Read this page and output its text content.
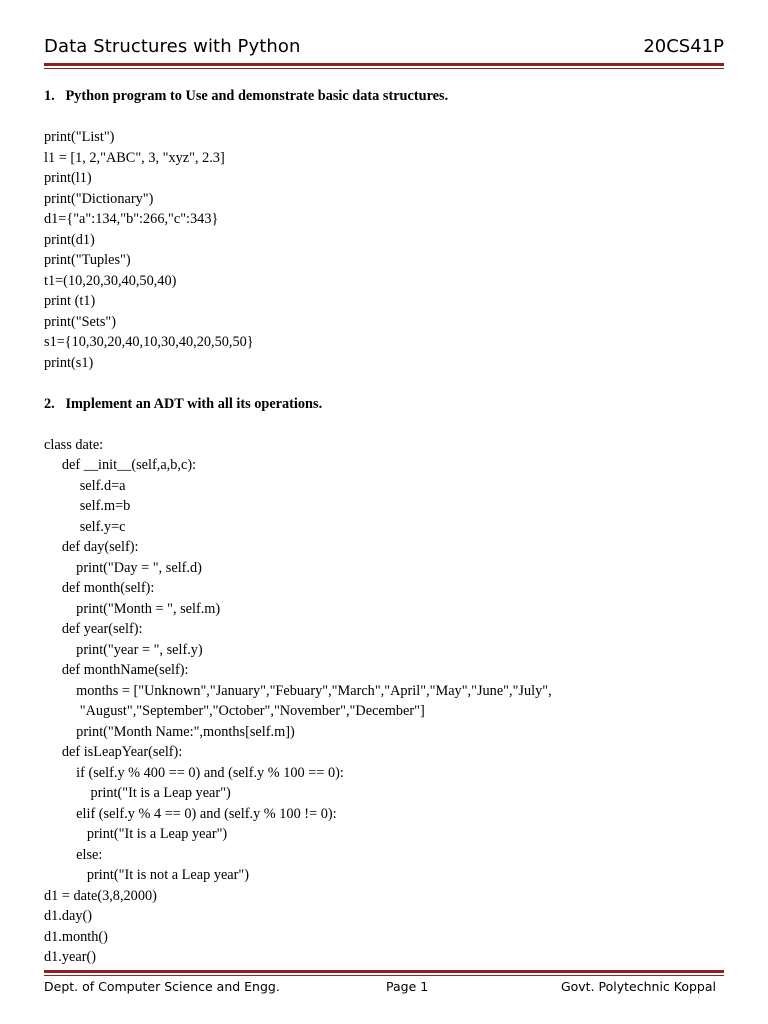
Data Structures with Python	20CS41P
1.   Python program to Use and demonstrate basic data structures.
print("List")
l1 = [1, 2,"ABC", 3, "xyz", 2.3]
print(l1)
print("Dictionary")
d1={"a":134,"b":266,"c":343}
print(d1)
print("Tuples")
t1=(10,20,30,40,50,40)
print (t1)
print("Sets")
s1={10,30,20,40,10,30,40,20,50,50}
print(s1)
2.   Implement an ADT with all its operations.
class date:
def __init__(self,a,b,c):
self.d=a
self.m=b
self.y=c
def day(self):
print("Day = ", self.d)
def month(self):
print("Month = ", self.m)
def year(self):
print("year = ", self.y)
def monthName(self):
months = ["Unknown","January","Febuary","March","April","May","June","July",
"August","September","October","November","December"]
print("Month Name:",months[self.m])
def isLeapYear(self):
if (self.y % 400 == 0) and (self.y % 100 == 0):
print("It is a Leap year")
elif (self.y % 4 == 0) and (self.y % 100 != 0):
print("It is a Leap year")
else:
print("It is not a Leap year")
d1 = date(3,8,2000)
d1.day()
d1.month()
d1.year()
Dept. of Computer Science and Engg.	Page 1	Govt. Polytechnic Koppal
